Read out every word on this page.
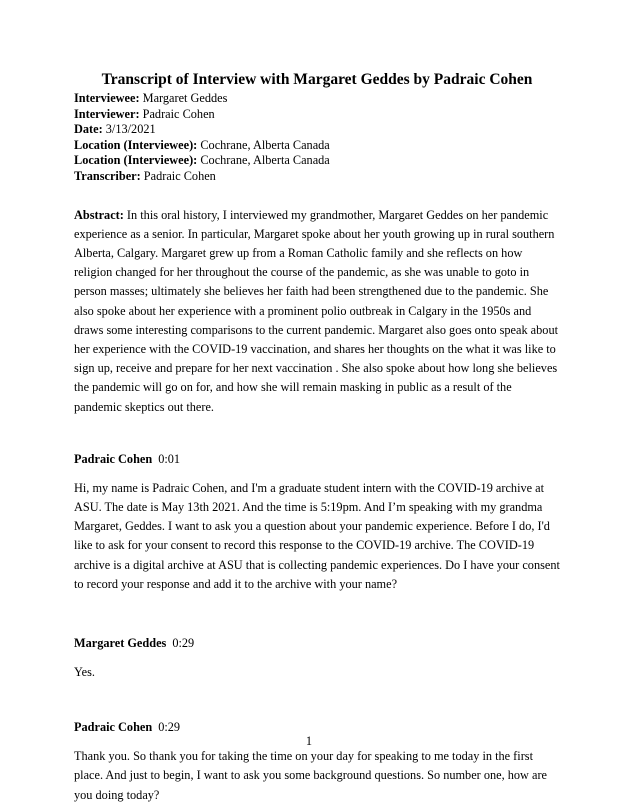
Transcript of Interview with Margaret Geddes by Padraic Cohen

Interviewee: Margaret Geddes

Interviewer: Padraic Cohen

Date: 3/13/2021

Location (Interviewee): Cochrane, Alberta Canada

Location (Interviewee): Cochrane, Alberta Canada

Transcriber: Padraic Cohen

Abstract: In this oral history, I interviewed my grandmother, Margaret Geddes on her pandemic experience as a senior. In particular, Margaret spoke about her youth growing up in rural southern Alberta, Calgary. Margaret grew up from a Roman Catholic family and she reflects on how religion changed for her throughout the course of the pandemic, as she was unable to goto in person masses; ultimately she believes her faith had been strengthened due to the pandemic. She also spoke about her experience with a prominent polio outbreak in Calgary in the 1950s and draws some interesting comparisons to the current pandemic. Margaret also goes onto speak about her experience with the COVID-19 vaccination, and shares her thoughts on the what it was like to sign up, receive and prepare for her next vaccination . She also spoke about how long she believes the pandemic will go on for, and how she will remain masking in public as a result of the pandemic skeptics out there.

Padraic Cohen 0:01

Hi, my name is Padraic Cohen, and I'm a graduate student intern with the COVID-19 archive at ASU. The date is May 13th 2021. And the time is 5:19pm. And I’m speaking with my grandma Margaret, Geddes. I want to ask you a question about your pandemic experience. Before I do, I'd like to ask for your consent to record this response to the COVID-19 archive. The COVID-19 archive is a digital archive at ASU that is collecting pandemic experiences. Do I have your consent to record your response and add it to the archive with your name?

Margaret Geddes 0:29

Yes.

Padraic Cohen 0:29

Thank you. So thank you for taking the time on your day for speaking to me today in the first place. And just to begin, I want to ask you some background questions. So number one, how are you doing today?

1
